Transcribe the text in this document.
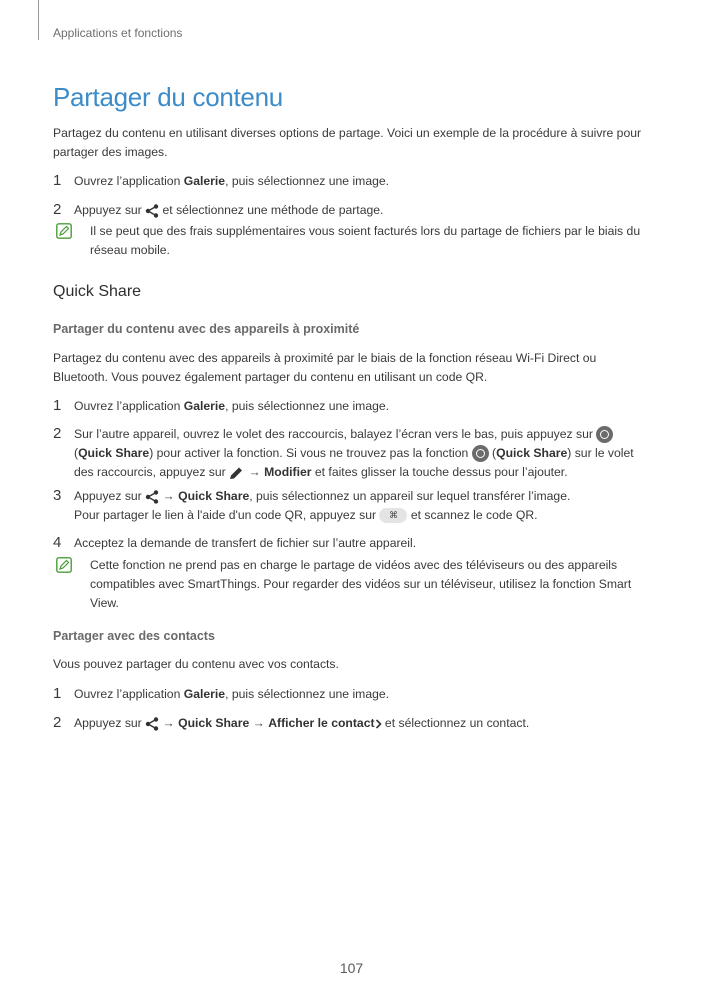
Applications et fonctions
Partager du contenu
Partagez du contenu en utilisant diverses options de partage. Voici un exemple de la procédure à suivre pour partager des images.
1 Ouvrez l’application Galerie, puis sélectionnez une image.
2 Appuyez sur  et sélectionnez une méthode de partage.
Il se peut que des frais supplémentaires vous soient facturés lors du partage de fichiers par le biais du réseau mobile.
Quick Share
Partager du contenu avec des appareils à proximité
Partagez du contenu avec des appareils à proximité par le biais de la fonction réseau Wi-Fi Direct ou Bluetooth. Vous pouvez également partager du contenu en utilisant un code QR.
1 Ouvrez l’application Galerie, puis sélectionnez une image.
2 Sur l’autre appareil, ouvrez le volet des raccourcis, balayez l’écran vers le bas, puis appuyez sur  (Quick Share) pour activer la fonction. Si vous ne trouvez pas la fonction  (Quick Share) sur le volet des raccourcis, appuyez sur  → Modifier et faites glisser la touche dessus pour l’ajouter.
3 Appuyez sur  → Quick Share, puis sélectionnez un appareil sur lequel transférer l’image.
Pour partager le lien à l'aide d'un code QR, appuyez sur ⌘ et scannez le code QR.
4 Acceptez la demande de transfert de fichier sur l’autre appareil.
Cette fonction ne prend pas en charge le partage de vidéos avec des téléviseurs ou des appareils compatibles avec SmartThings. Pour regarder des vidéos sur un téléviseur, utilisez la fonction Smart View.
Partager avec des contacts
Vous pouvez partager du contenu avec vos contacts.
1 Ouvrez l’application Galerie, puis sélectionnez une image.
2 Appuyez sur  → Quick Share → Afficher le contact et sélectionnez un contact.
107
